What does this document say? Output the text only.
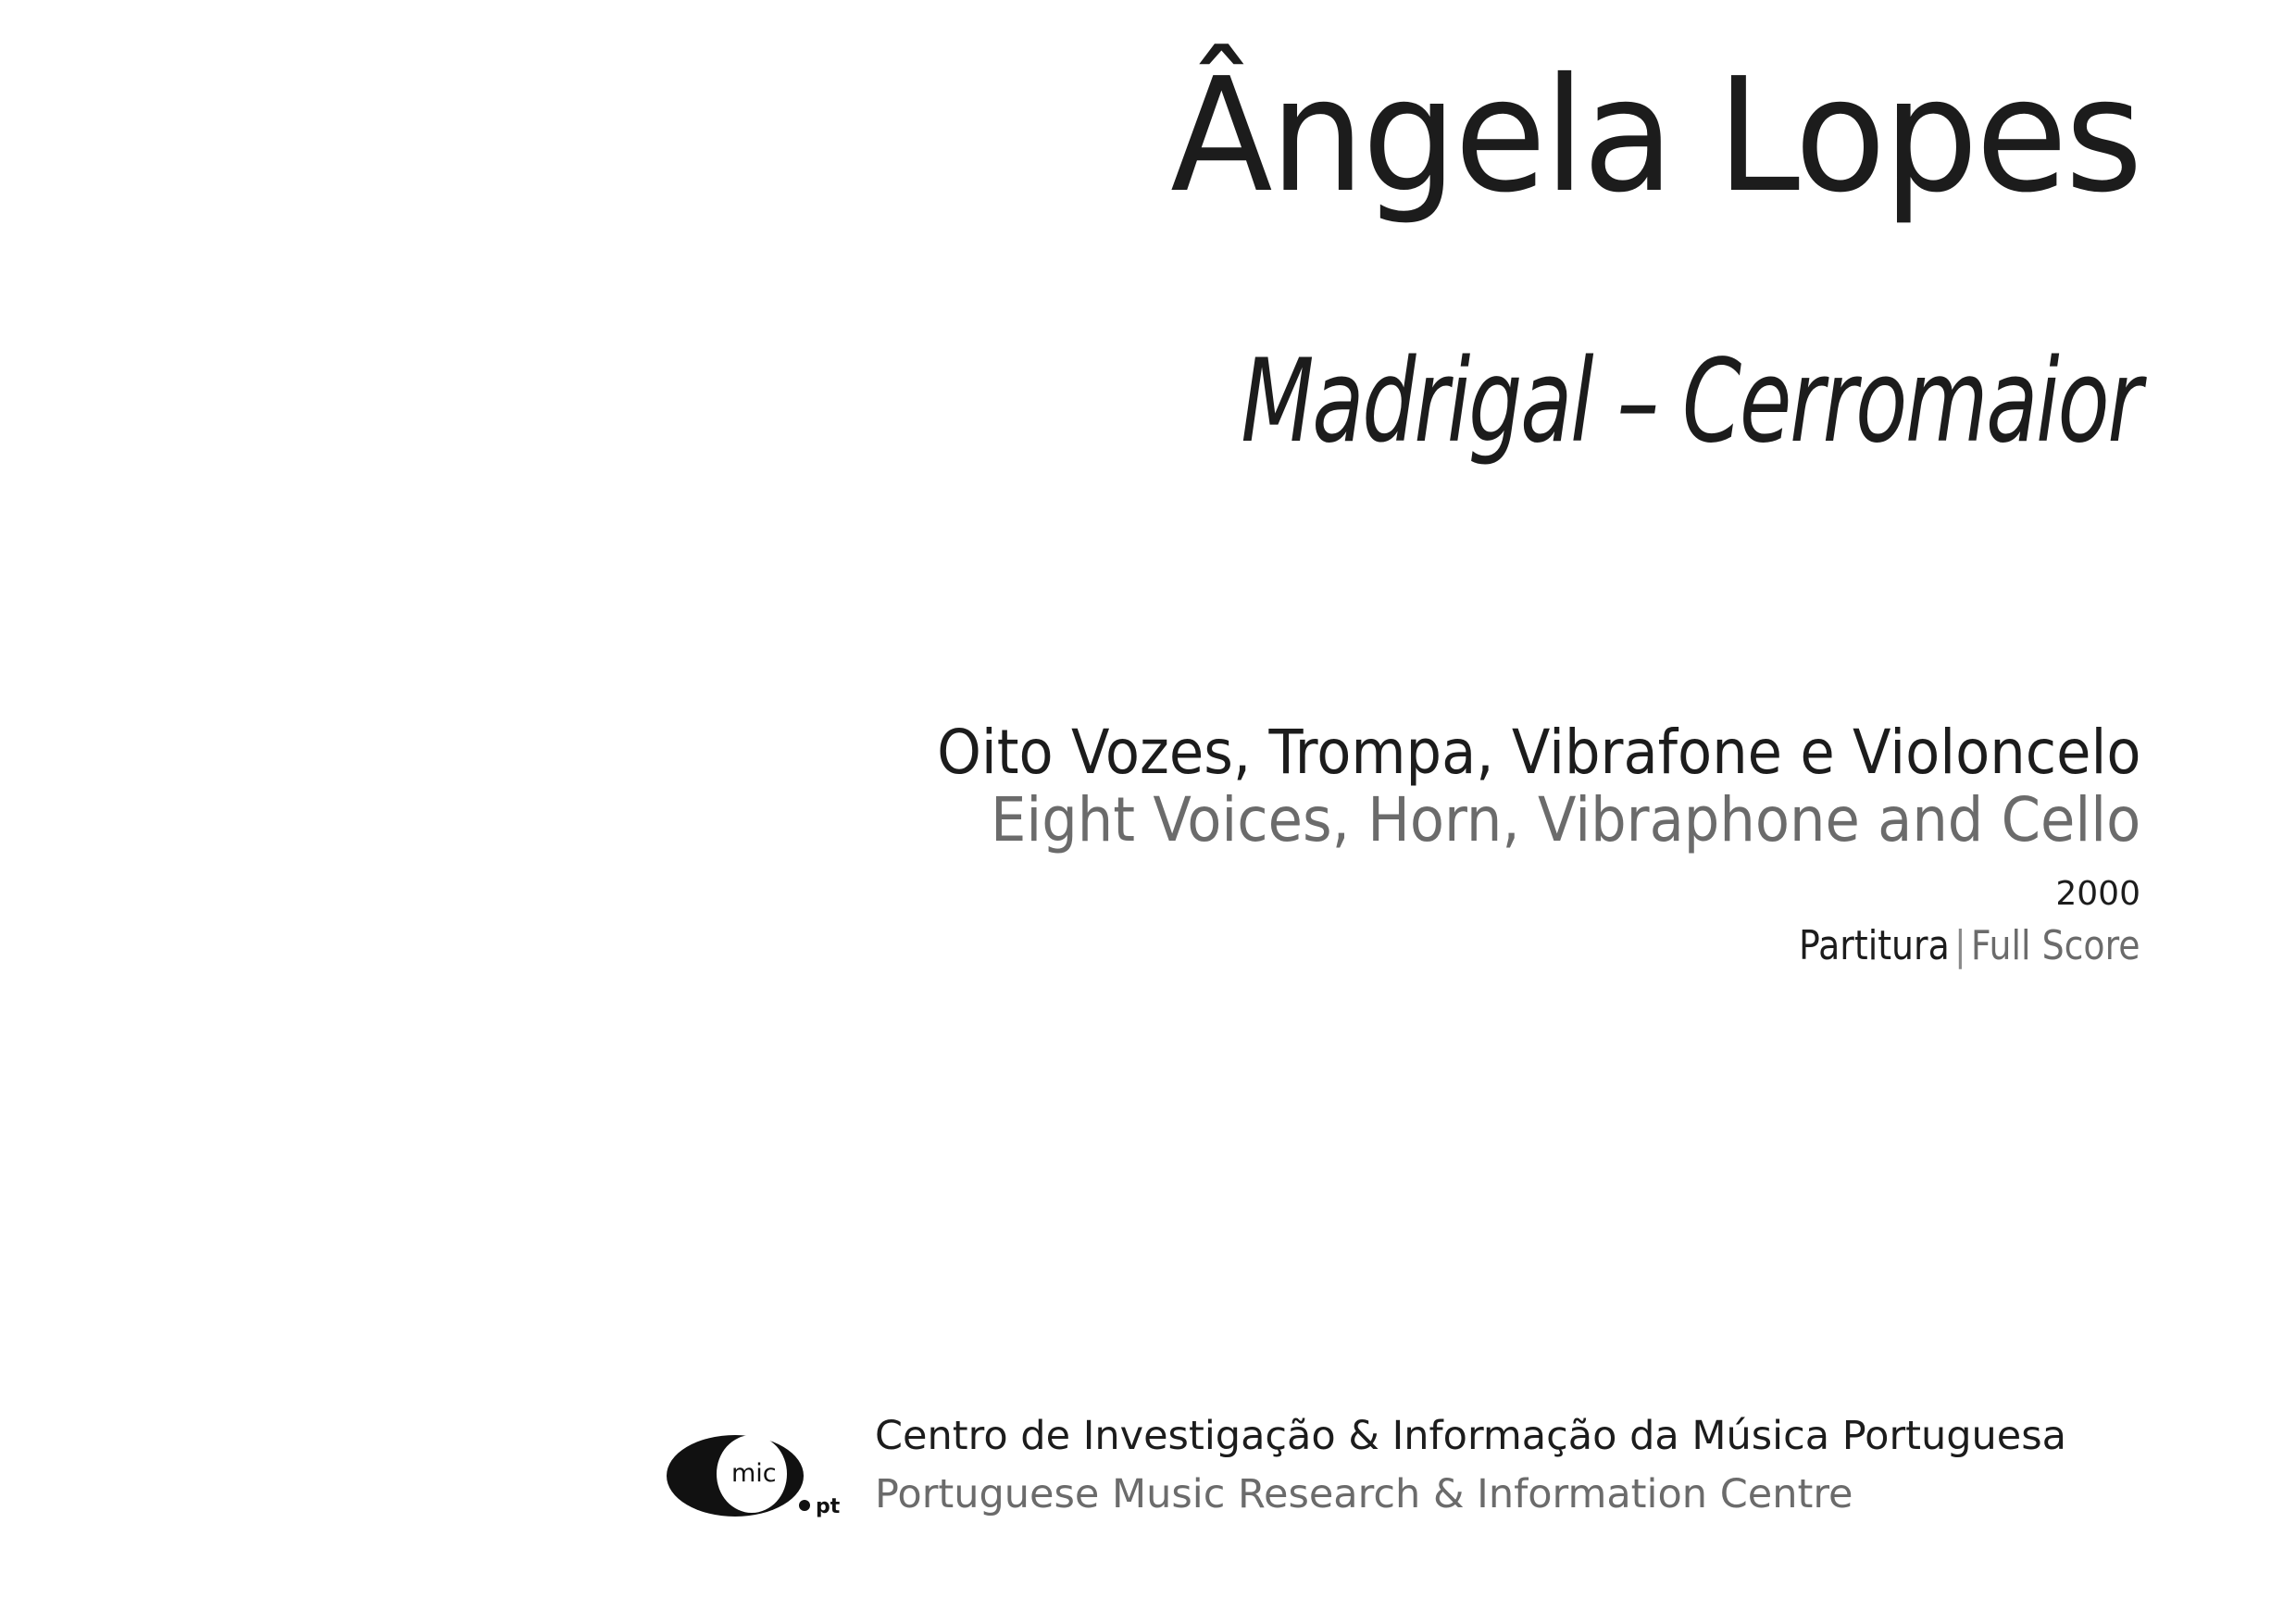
Ângela Lopes
Madrigal – Cerromaior
Oito Vozes, Trompa, Vibrafone e Violoncelo
Eight Voices, Horn, Vibraphone and Cello
2000
Partitura | Full Score
mic
pt
Centro de Investigação & Informação da Música Portuguesa
Portuguese Music Research & Information Centre
